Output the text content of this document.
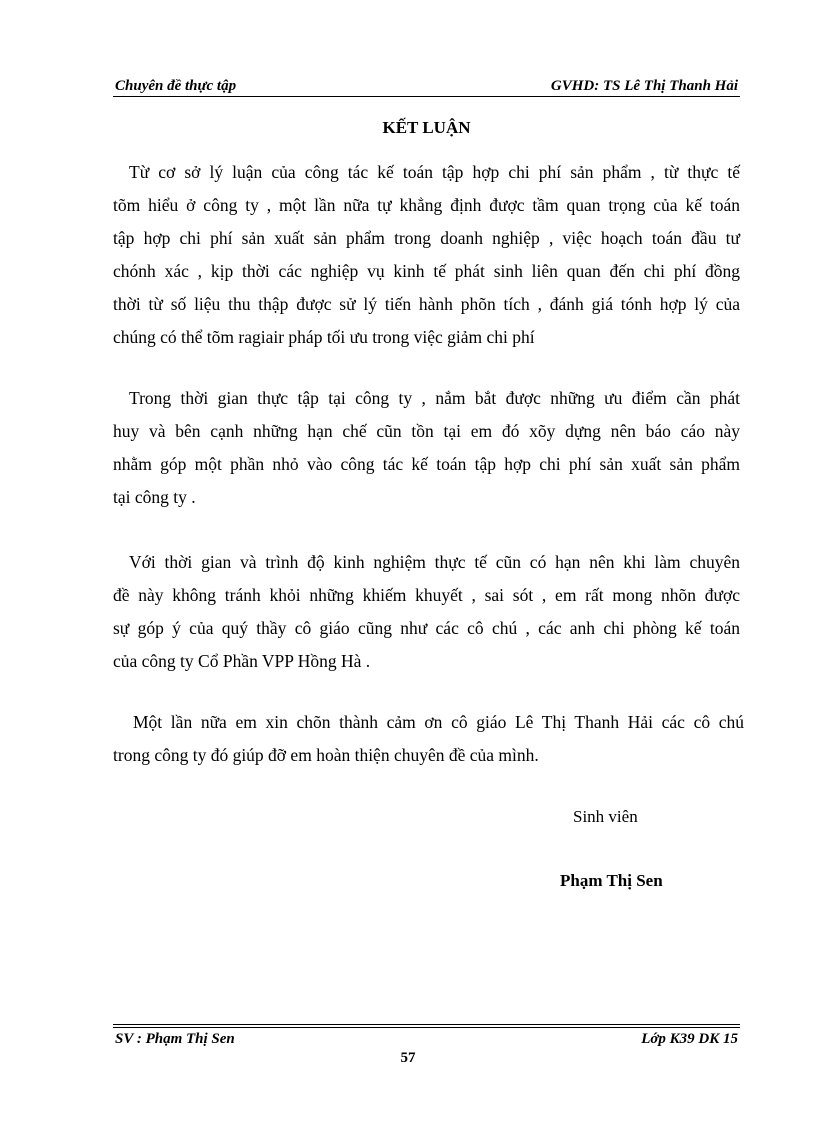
Chuyên đề thực tập	GVHD: TS Lê Thị Thanh Hải
KẾT LUẬN
Từ cơ sở lý luận của công tác kế toán tập hợp chi phí sản phẩm , từ thực tế
tõm hiểu ở công ty , một lần nữa tự khẳng định được tầm quan trọng của kế toán
tập hợp chi phí sản xuất sản phẩm trong doanh nghiệp , việc hoạch toán đầu tư
chónh xác , kịp thời các nghiệp vụ kinh tế phát sinh liên quan đến chi phí đồng
thời từ số liệu thu thập được sử lý tiến hành phõn tích , đánh giá tónh hợp lý của
chúng có thể tõm ragiair pháp tối ưu trong việc giảm chi phí
Trong thời gian thực tập tại công ty , nắm bắt được những ưu điểm cần phát
huy và bên cạnh những hạn chế cũn tồn tại em đó xõy dựng nên báo cáo này
nhằm góp một phần nhỏ vào công tác kế toán tập hợp chi phí sản xuất sản phẩm
tại công ty .
Với thời gian và trình độ kinh nghiệm thực tế cũn có hạn nên khi làm chuyên
đề này không tránh khỏi những khiếm khuyết , sai sót , em rất mong nhõn được
sự góp ý của quý thầy cô giáo cũng như các cô chú , các anh chi phòng kế toán
của công ty Cổ Phần VPP Hồng Hà .
Một lần nữa em xin chõn thành cảm ơn cô giáo Lê Thị Thanh Hải các cô chú
trong công ty đó giúp đỡ em hoàn thiện chuyên đề của mình.
Sinh viên
Phạm Thị Sen
SV : Phạm Thị Sen	Lớp K39 DK 15
57
